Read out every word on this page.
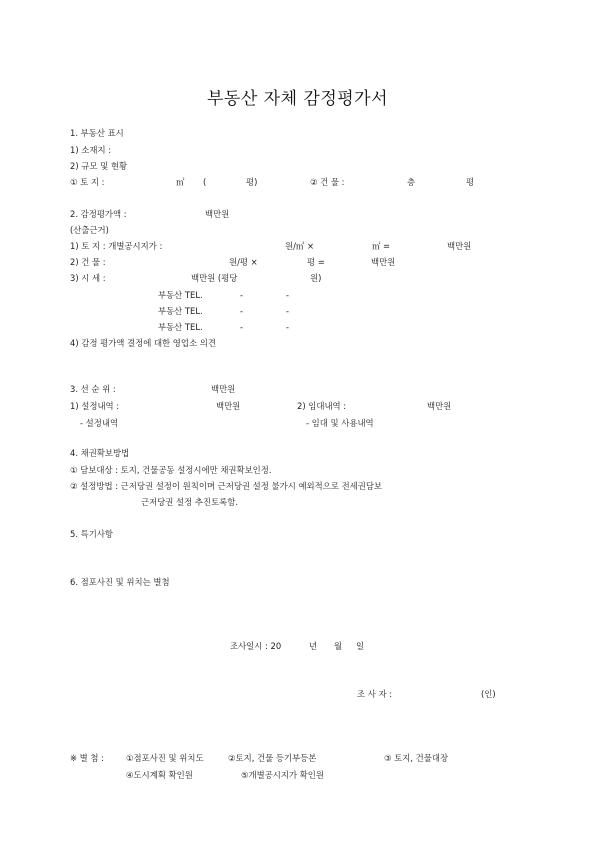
부동산 자체 감정평가서
1. 부동산 표시
1) 소재지 :
2) 규모 및 현황
① 토 지 :	㎡ (	평)	② 건 물 :	층	평
2. 감정평가액 :	백만원
(산출근거)
1) 토 지 : 개별공시지가 :	원/㎡ ×	㎡ =	백만원
2) 건 물 :	원/평 ×	평 =	백만원
3) 시 세 :	백만원 (평당	원)
부동산 TEL.	-	-
부동산 TEL.	-	-
부동산 TEL.	-	-
4) 감정 평가액 결정에 대한 영업소 의견
3. 선 순 위 :	백만원
1) 설정내역 :	백만원	2) 임대내역 :	백만원
- 설정내역	- 임대 및 사용내역
4. 채권확보방법
① 담보대상 : 토지, 건물공동 설정시에만 채권확보인정.
② 설정방법 : 근저당권 설정이 원칙이며 근저당권 설정 불가시 예외적으로 전세권담보
근저당권 설정 추진토록함.
5. 특기사항
6. 점포사진 및 위치는 별첨
조사일시 : 20	년 월 일
조 사 자 :	(인)
※ 별 첨 :	①점포사진 및 위치도	②토지, 건물 등기부등본	③ 토지, 건물대장
④도시계획 확인원	⑤개별공시지가 확인원
